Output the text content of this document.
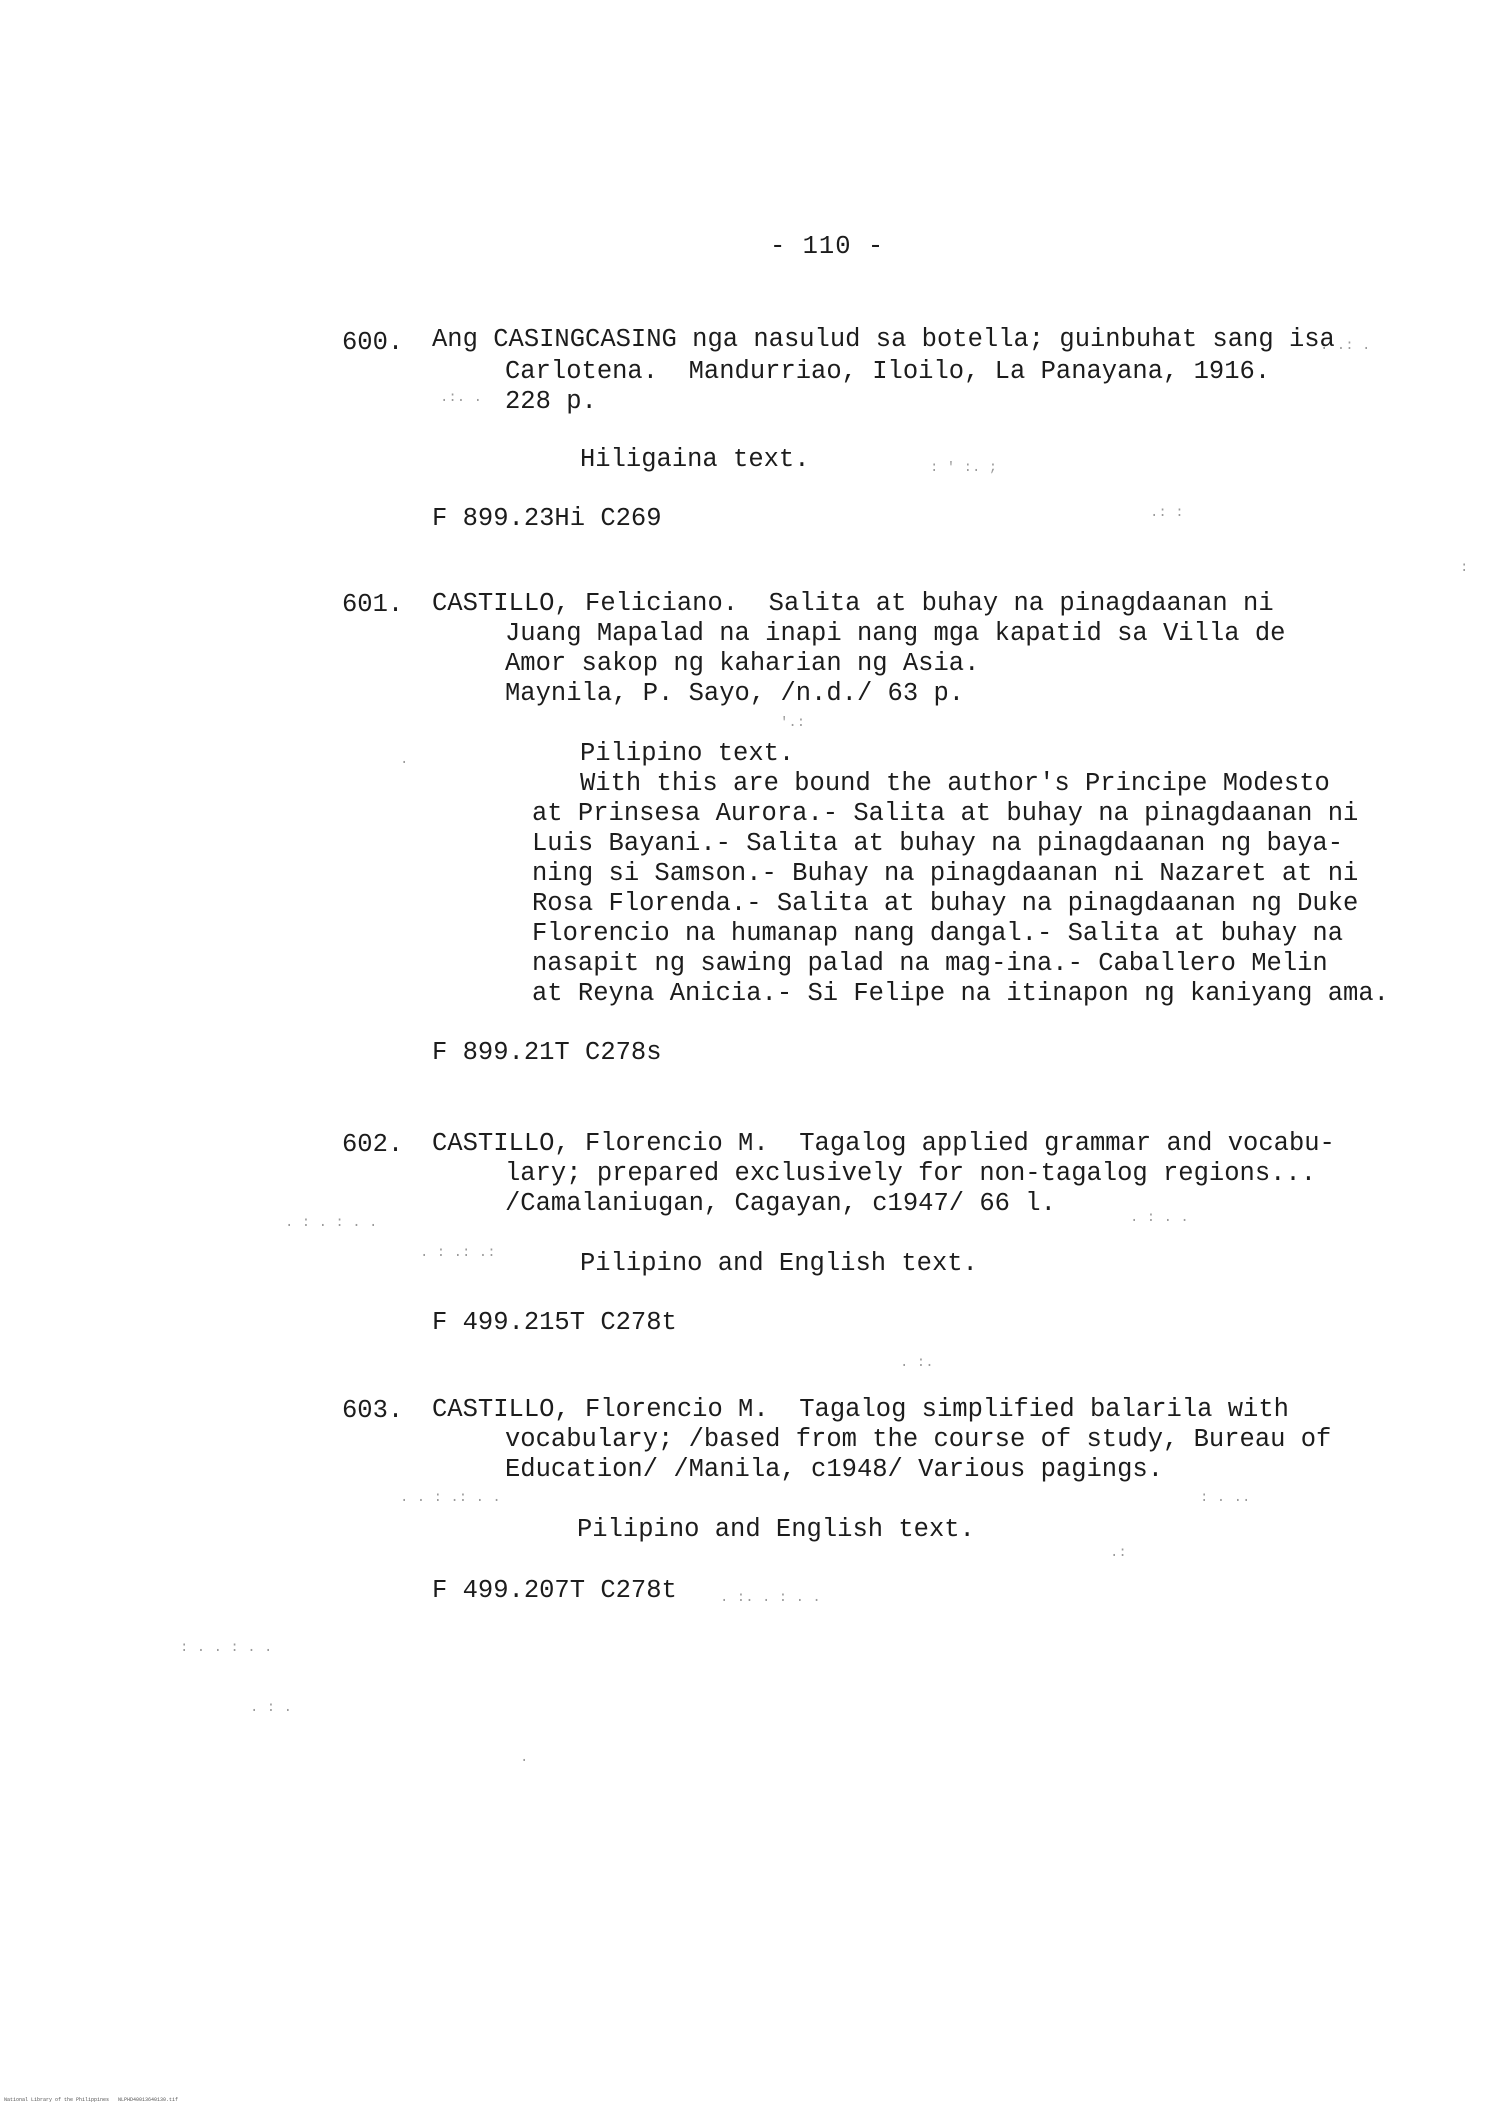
- 110 -
600. Ang CASINGCASING nga nasulud sa botella; guinbuhat sang isa
Carlotena.  Mandurriao, Iloilo, La Panayana, 1916.
228 p.
Hiligaina text.
F 899.23Hi C269
601. CASTILLO, Feliciano.  Salita at buhay na pinagdaanan ni
Juang Mapalad na inapi nang mga kapatid sa Villa de
Amor sakop ng kaharian ng Asia.
Maynila, P. Sayo, /n.d./ 63 p.
Pilipino text.
With this are bound the author's Principe Modesto
at Prinsesa Aurora.- Salita at buhay na pinagdaanan ni
Luis Bayani.- Salita at buhay na pinagdaanan ng baya-
ning si Samson.- Buhay na pinagdaanan ni Nazaret at ni
Rosa Florenda.- Salita at buhay na pinagdaanan ng Duke
Florencio na humanap nang dangal.- Salita at buhay na
nasapit ng sawing palad na mag-ina.- Caballero Melin
at Reyna Anicia.- Si Felipe na itinapon ng kaniyang ama.
F 899.21T C278s
602. CASTILLO, Florencio M.  Tagalog applied grammar and vocabu-
lary; prepared exclusively for non-tagalog regions...
/Camalaniugan, Cagayan, c1947/ 66 l.
Pilipino and English text.
F 499.215T C278t
603. CASTILLO, Florencio M.  Tagalog simplified balarila with
vocabulary; /based from the course of study, Bureau of
Education/ /Manila, c1948/ Various pagings.
Pilipino and English text.
F 499.207T C278t
. .: .
.:. .
: ' :. ;
.: :
:
'.:
.
. : . : . .
. : .: .:
. : . .
. :.
. . : .: . .	: . ..
. :. . : . .
.:
: . . : . .
. : .
.
National Library of the Philippines   NLPHD40013640130.tif
